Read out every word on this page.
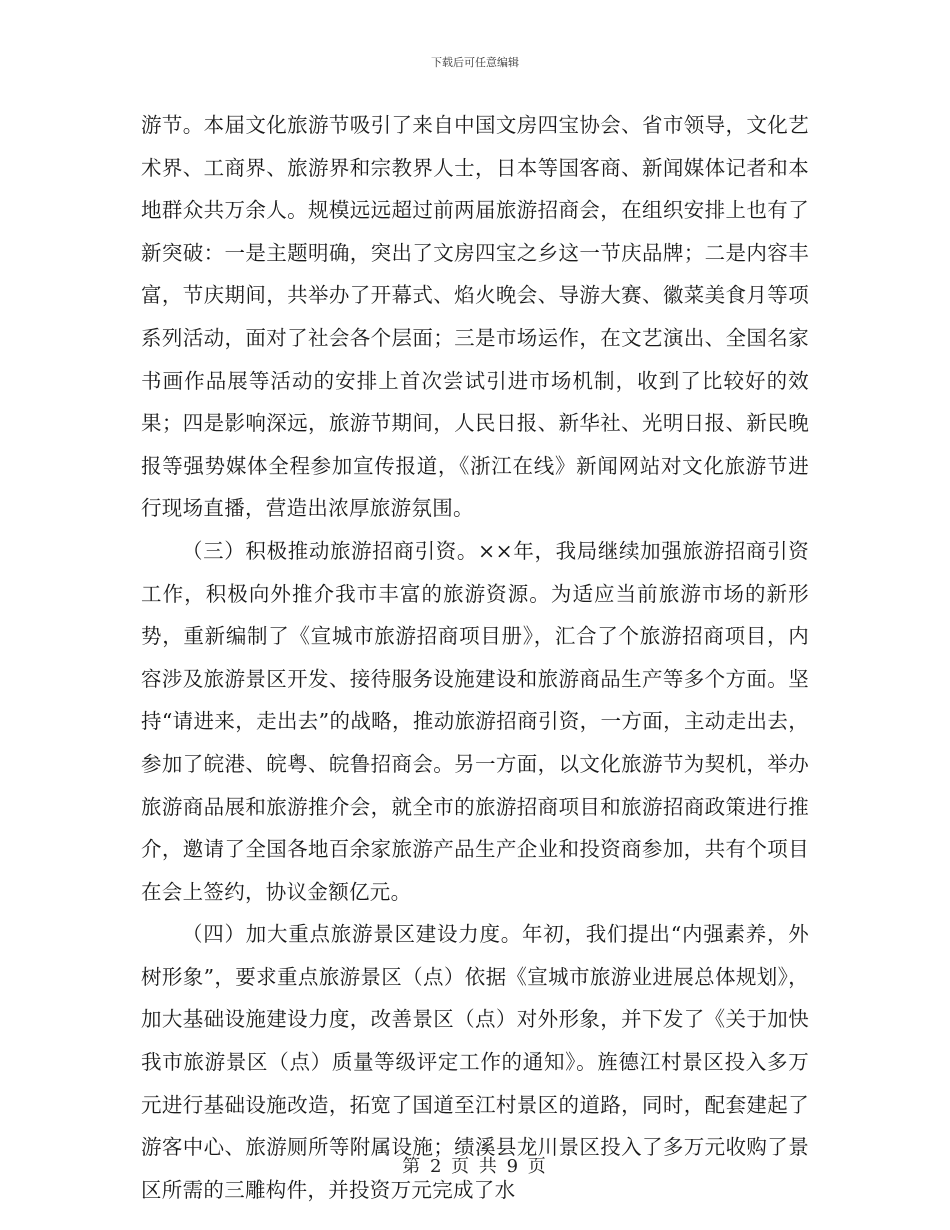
下载后可任意编辑

游节。本届文化旅游节吸引了来自中国文房四宝协会、省市领导，文化艺术界、工商界、旅游界和宗教界人士，日本等国客商、新闻媒体记者和本地群众共万余人。规模远远超过前两届旅游招商会，在组织安排上也有了新突破：一是主题明确，突出了文房四宝之乡这一节庆品牌；二是内容丰富，节庆期间，共举办了开幕式、焰火晚会、导游大赛、徽菜美食月等项系列活动，面对了社会各个层面；三是市场运作，在文艺演出、全国名家书画作品展等活动的安排上首次尝试引进市场机制，收到了比较好的效果；四是影响深远，旅游节期间，人民日报、新华社、光明日报、新民晚报等强势媒体全程参加宣传报道，《浙江在线》新闻网站对文化旅游节进行现场直播，营造出浓厚旅游氛围。

（三）积极推动旅游招商引资。××年，我局继续加强旅游招商引资工作，积极向外推介我市丰富的旅游资源。为适应当前旅游市场的新形势，重新编制了《宣城市旅游招商项目册》，汇合了个旅游招商项目，内容涉及旅游景区开发、接待服务设施建设和旅游商品生产等多个方面。坚持“请进来，走出去”的战略，推动旅游招商引资，一方面，主动走出去，参加了皖港、皖粤、皖鲁招商会。另一方面，以文化旅游节为契机，举办旅游商品展和旅游推介会，就全市的旅游招商项目和旅游招商政策进行推介，邀请了全国各地百余家旅游产品生产企业和投资商参加，共有个项目在会上签约，协议金额亿元。

（四）加大重点旅游景区建设力度。年初，我们提出“内强素养，外树形象”，要求重点旅游景区（点）依据《宣城市旅游业进展总体规划》，加大基础设施建设力度，改善景区（点）对外形象，并下发了《关于加快我市旅游景区（点）质量等级评定工作的通知》。旌德江村景区投入多万元进行基础设施改造，拓宽了国道至江村景区的道路，同时，配套建起了游客中心、旅游厕所等附属设施；绩溪县龙川景区投入了多万元收购了景区所需的三雕构件，并投资万元完成了水

第 2 页 共 9 页
